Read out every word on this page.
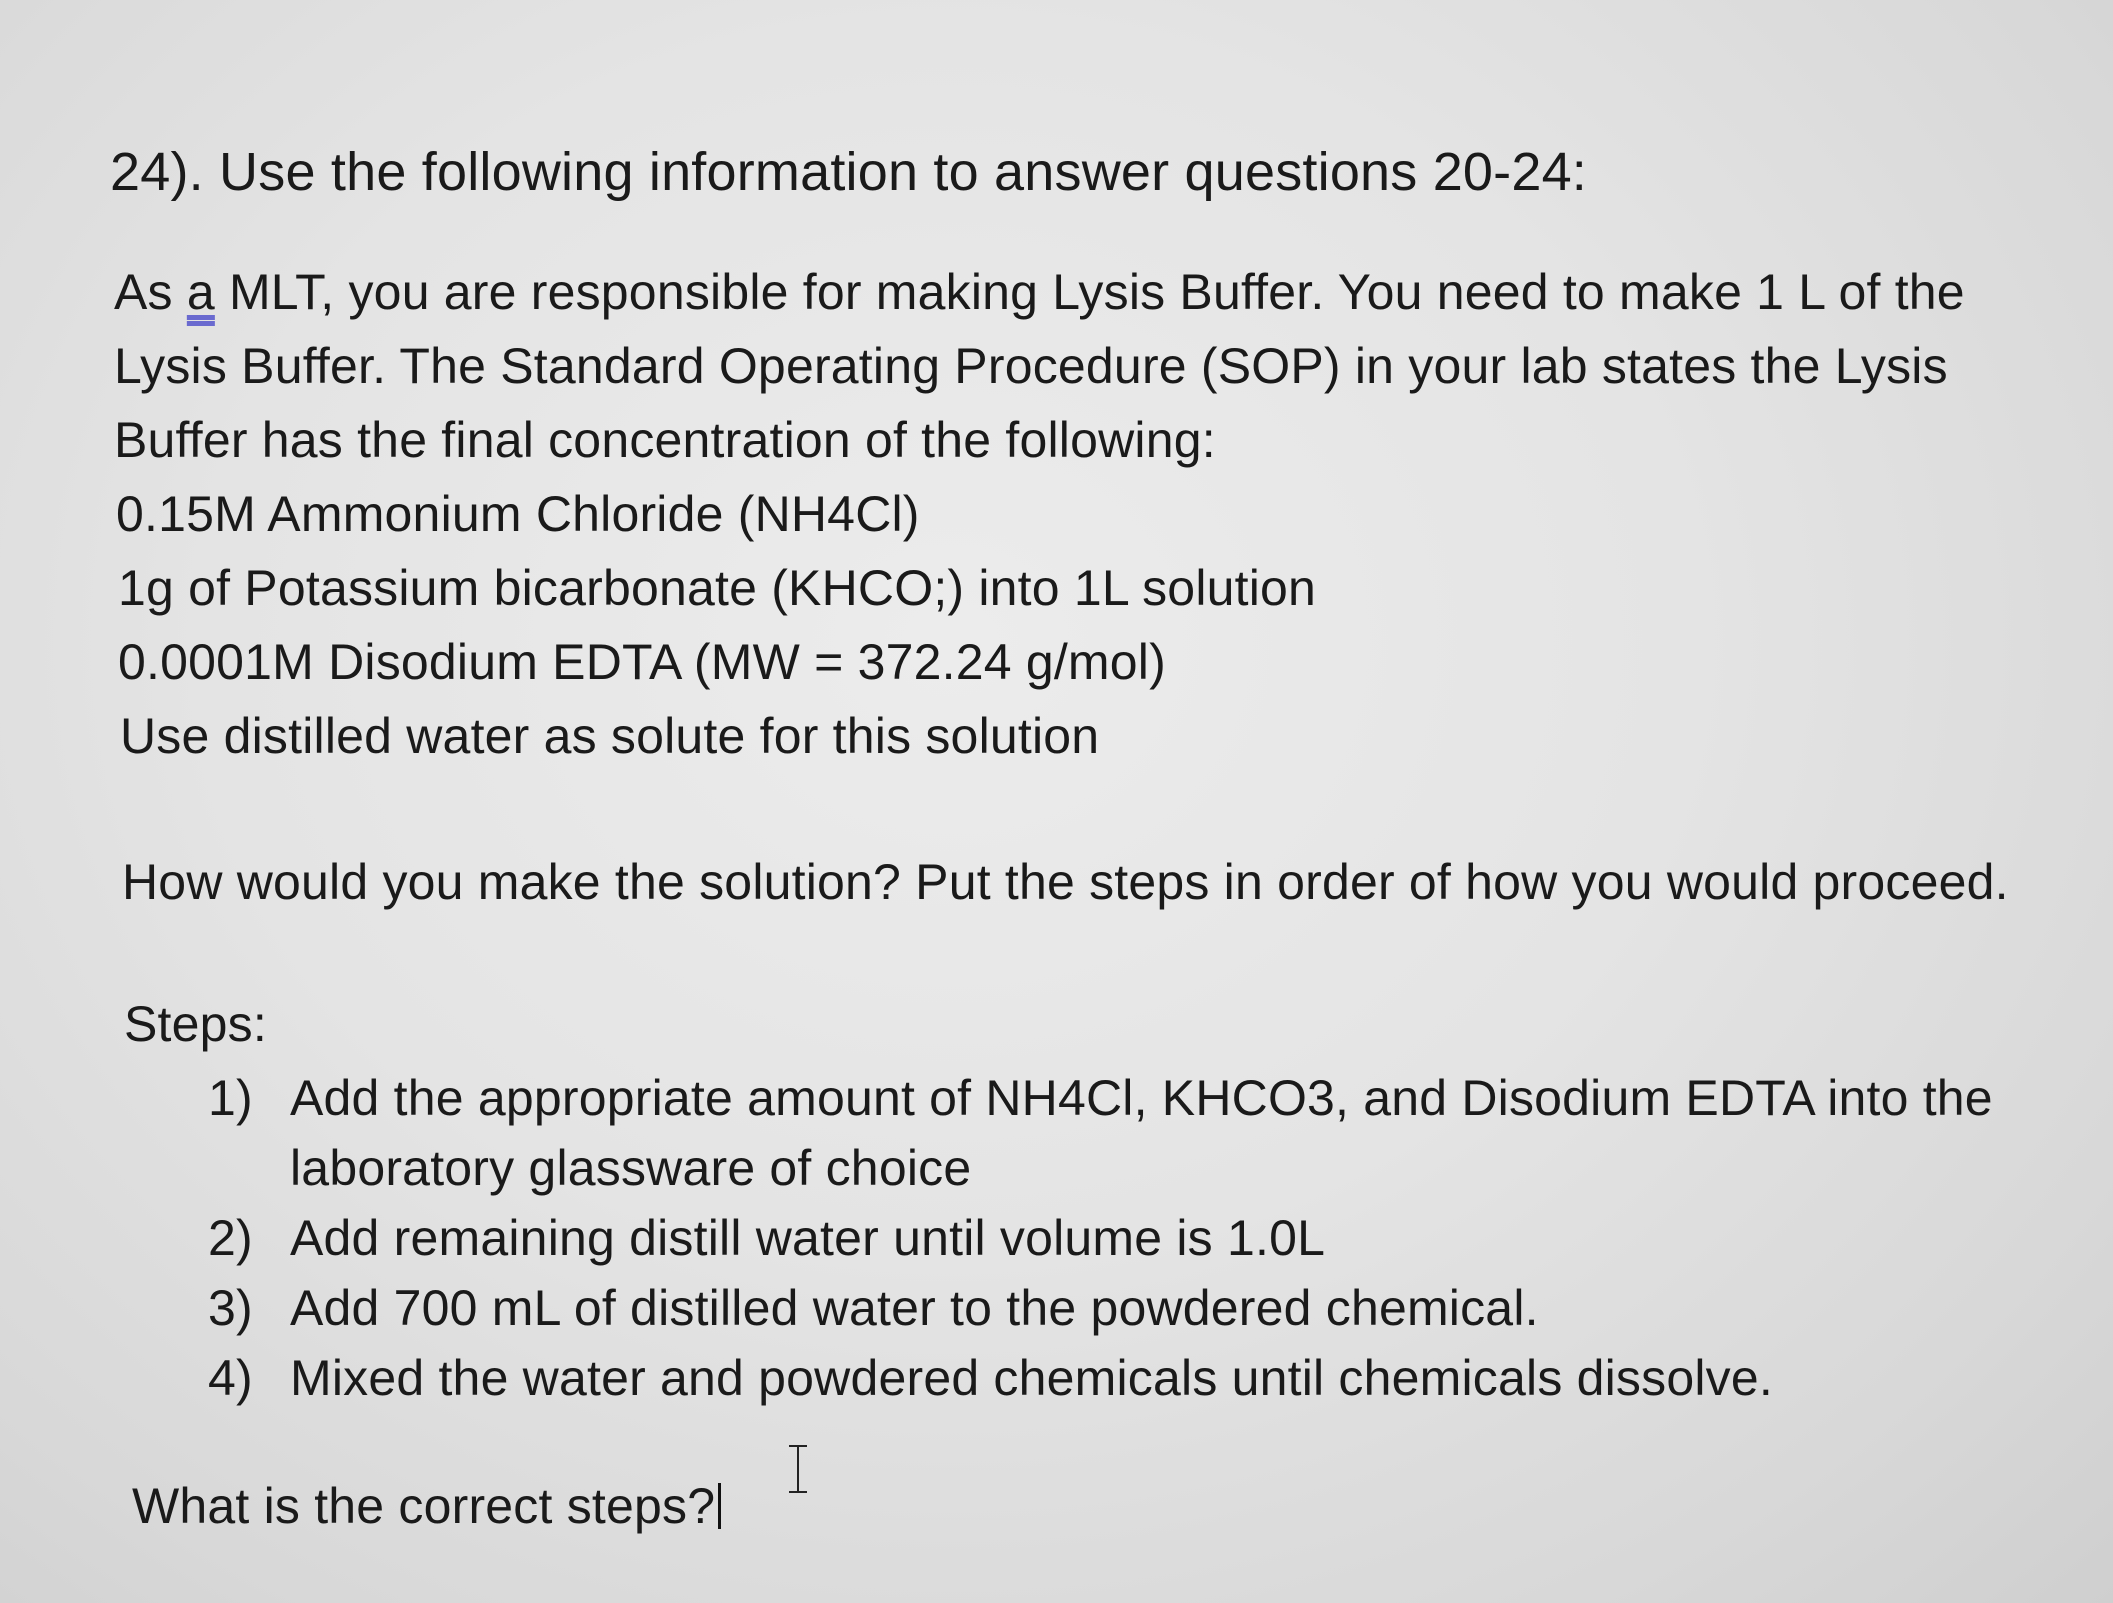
24). Use the following information to answer questions 20-24:
As a MLT, you are responsible for making Lysis Buffer. You need to make 1 L of the
Lysis Buffer. The Standard Operating Procedure (SOP) in your lab states the Lysis
Buffer has the final concentration of the following:
0.15M Ammonium Chloride (NH4Cl)
1g of Potassium bicarbonate (KHCO;) into 1L solution
0.0001M Disodium EDTA (MW = 372.24 g/mol)
Use distilled water as solute for this solution
How would you make the solution? Put the steps in order of how you would proceed.
Steps:
1) Add the appropriate amount of NH4Cl, KHCO3, and Disodium EDTA into the
laboratory glassware of choice
2) Add remaining distill water until volume is 1.0L
3) Add 700 mL of distilled water to the powdered chemical.
4) Mixed the water and powdered chemicals until chemicals dissolve.
What is the correct steps?
